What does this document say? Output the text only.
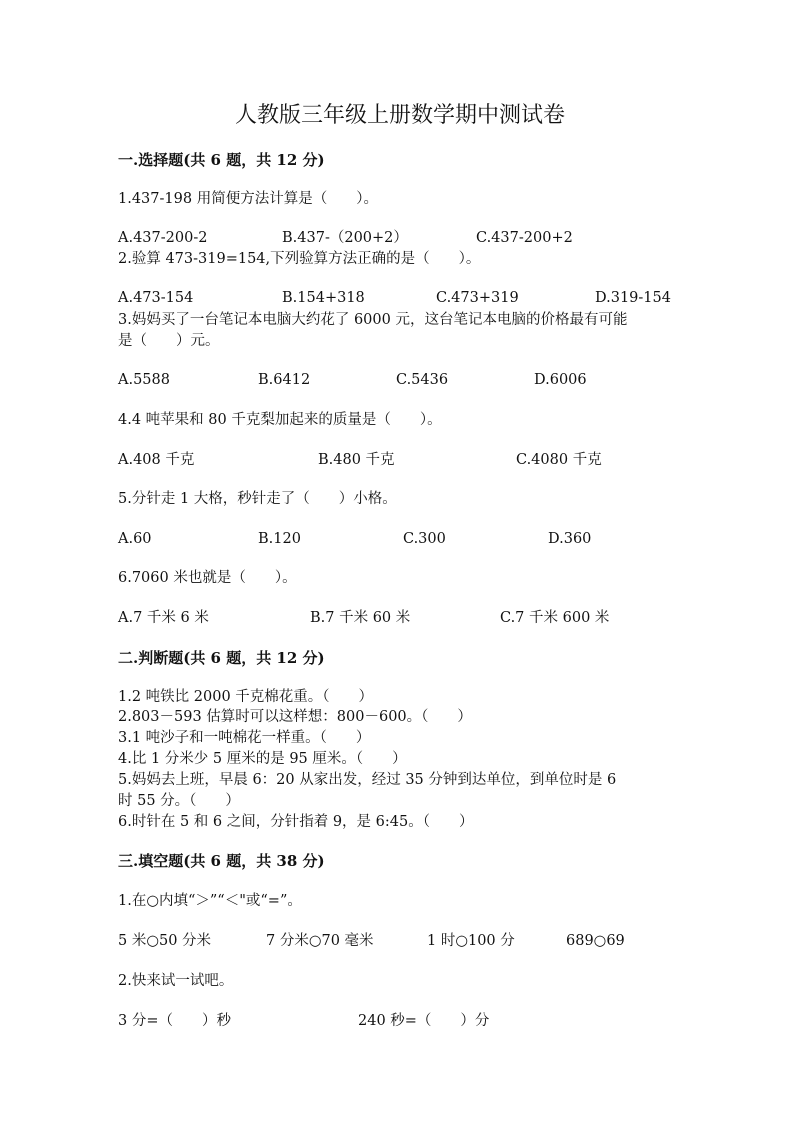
人教版三年级上册数学期中测试卷
一.选择题(共 6 题，共 12 分)
1.437-198 用简便方法计算是（　　）。
A.437-200-2	B.437-（200+2）	C.437-200+2
2.验算 473-319=154,下列验算方法正确的是（　　）。
A.473-154	B.154+318	C.473+319	D.319-154
3.妈妈买了一台笔记本电脑大约花了 6000 元，这台笔记本电脑的价格最有可能
是（　　）元。
A.5588	B.6412	C.5436	D.6006
4.4 吨苹果和 80 千克梨加起来的质量是（　　）。
A.408 千克	B.480 千克	C.4080 千克
5.分针走 1 大格，秒针走了（　　）小格。
A.60	B.120	C.300	D.360
6.7060 米也就是（　　）。
A.7 千米 6 米	B.7 千米 60 米	C.7 千米 600 米
二.判断题(共 6 题，共 12 分)
1.2 吨铁比 2000 千克棉花重。（　　）
2.803－593 估算时可以这样想：800－600。（　　）
3.1 吨沙子和一吨棉花一样重。（　　）
4.比 1 分米少 5 厘米的是 95 厘米。（　　）
5.妈妈去上班，早晨 6：20 从家出发，经过 35 分钟到达单位，到单位时是 6
时 55 分。（　　）
6.时针在 5 和 6 之间，分针指着 9，是 6:45。（　　）
三.填空题(共 6 题，共 38 分)
1.在○内填“＞”“＜"或“=”。
5 米○50 分米	7 分米○70 毫米	1 时○100 分	689○69
2.快来试一试吧。
3 分=（　　）秒	240 秒=（　　）分
